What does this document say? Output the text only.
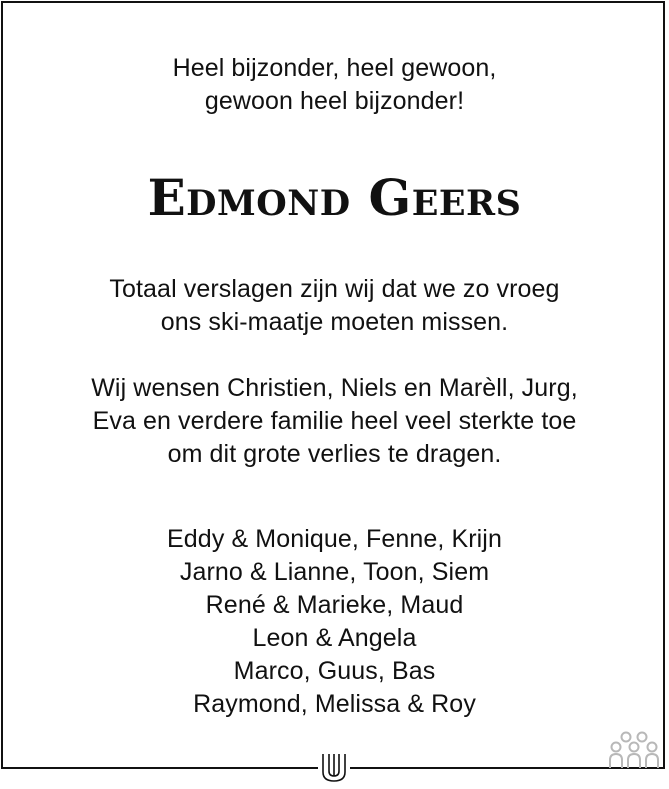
Heel bijzonder, heel gewoon,
gewoon heel bijzonder!
Edmond Geers
Totaal verslagen zijn wij dat we zo vroeg
ons ski-maatje moeten missen.
Wij wensen Christien, Niels en Marèll, Jurg,
Eva en verdere familie heel veel sterkte toe
om dit grote verlies te dragen.
Eddy & Monique, Fenne, Krijn
Jarno & Lianne, Toon, Siem
René & Marieke, Maud
Leon & Angela
Marco, Guus, Bas
Raymond, Melissa & Roy
